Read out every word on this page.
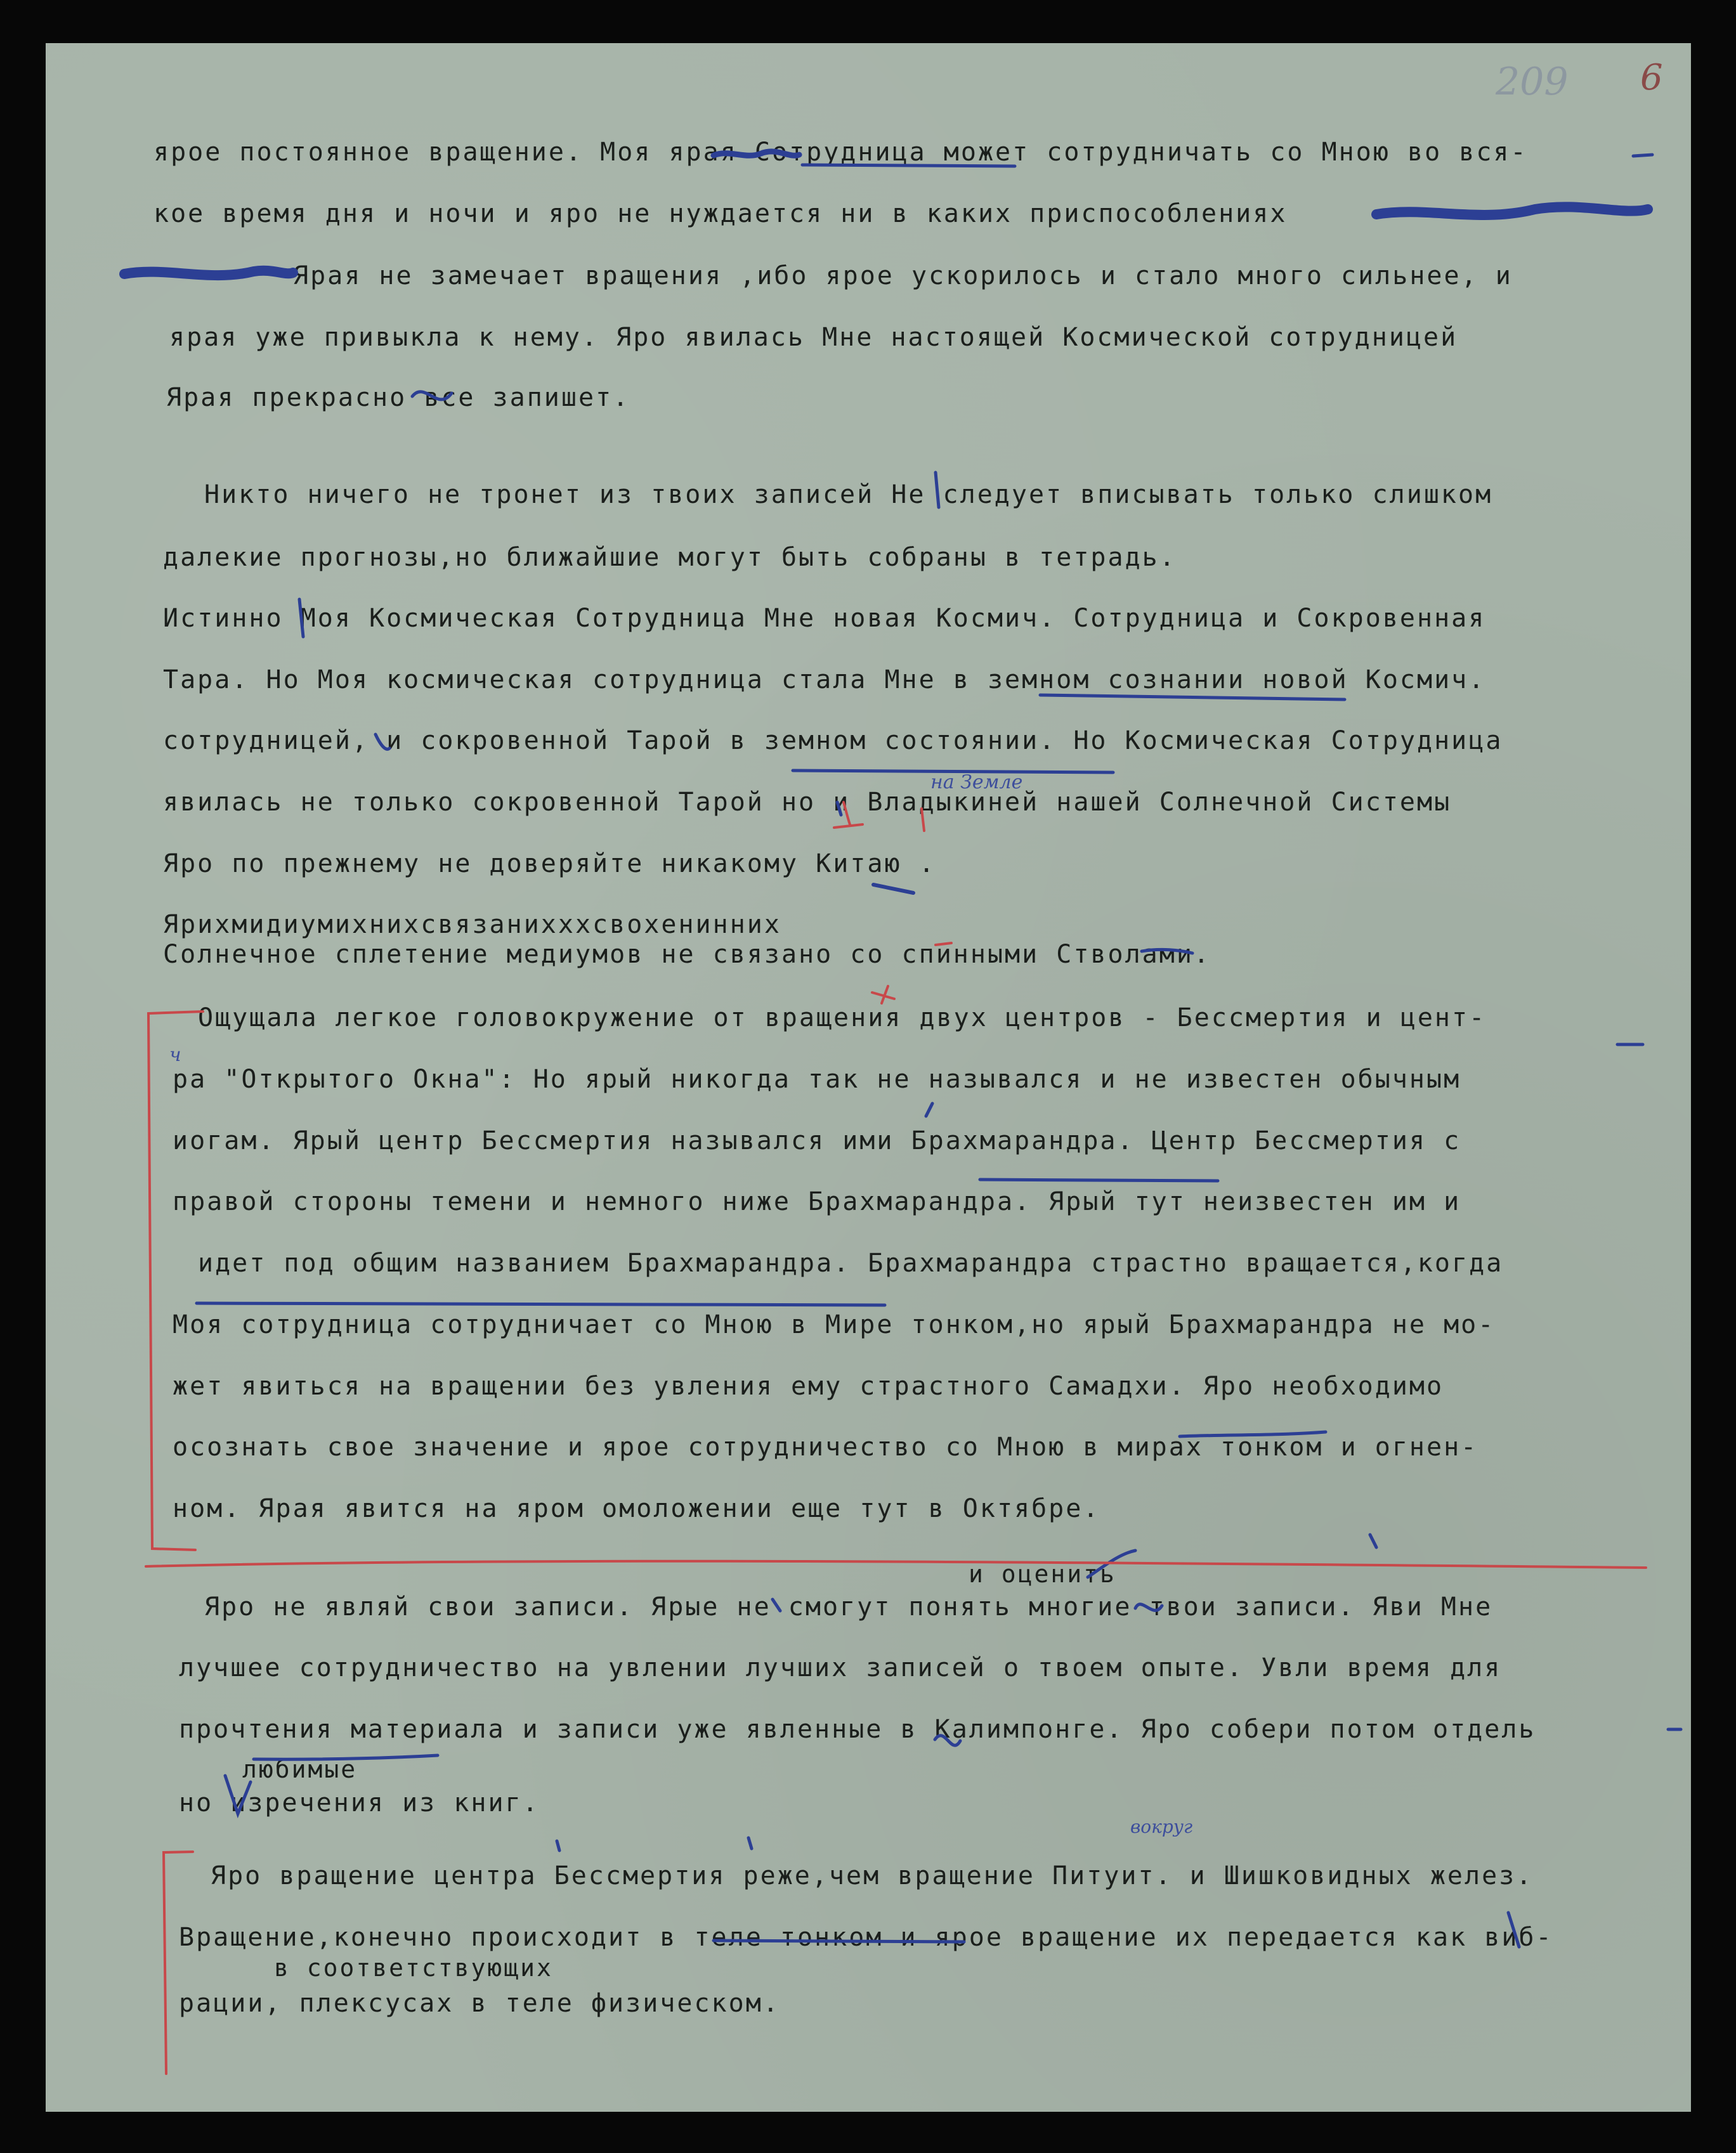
209 6
ярое постоянное вращение. Моя ярая Сотрудница может сотрудничать со Мною во вся-
кое время дня и ночи и яро не нуждается ни в каких приспособлениях
Ярая не замечает вращения ,ибо ярое ускорилось и стало много сильнее, и
ярая уже привыкла к нему. Яро явилась Мне настоящей Космической сотрудницей
Ярая прекрасно все запишет.
Никто ничего не тронет из твоих записей Не следует вписывать только слишком
далекие прогнозы,но ближайшие могут быть собраны в тетрадь.
Истинно Моя Космическая Сотрудница Мне новая Космич. Сотрудница и Сокровенная
Тара. Но Моя космическая сотрудница стала Мне в земном сознании новой Космич.
сотрудницей, и сокровенной Тарой в земном состоянии. Но Космическая Сотрудница
явилась не только сокровенной Тарой но и Владыкиней нашей Солнечной Системы
Яро по прежнему не доверяйте никакому Китаю .
Ярихмидиумихнихсвязанихххсвохенинних
Солнечное сплетение медиумов не связано со спинными Стволами.
Ощущала легкое головокружение от вращения двух центров - Бессмертия и цент-
ра "Открытого Окна": Но ярый никогда так не назывался и не известен обычным
иогам. Ярый центр Бессмертия назывался ими Брахмарандра. Центр Бессмертия с
правой стороны темени и немного ниже Брахмарандра. Ярый тут неизвестен им и
идет под общим названием Брахмарандра. Брахмарандра страстно вращается,когда
Моя сотрудница сотрудничает со Мною в Мире тонком,но ярый Брахмарандра не мо-
жет явиться на вращении без увления ему страстного Самадхи. Яро необходимо
осознать свое значение и ярое сотрудничество со Мною в мирах тонком и огнен-
ном. Ярая явится на яром омоложении еще тут в Октябре.
и оценить
Яро не являй свои записи. Ярые не смогут понять многие твои записи. Яви Мне
лучшее сотрудничество на увлении лучших записей о твоем опыте. Увли время для
прочтения материала и записи уже явленные в Калимпонге. Яро собери потом отдель
любимые
но изречения из книг.
Яро вращение центра Бессмертия реже,чем вращение Питуит. и Шишковидных желез.
Вращение,конечно происходит в теле тонком и ярое вращение их передается как виб-
в соответствующих
рации, плексусах в теле физическом.
на Земле
ч
вокруг
